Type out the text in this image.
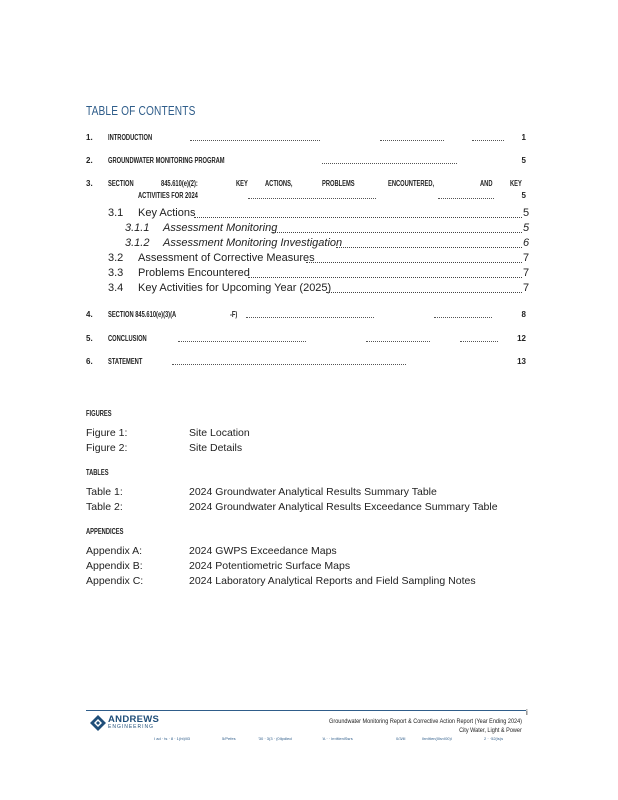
TABLE OF CONTENTS
1. INTRODUCTION	1
2. GROUNDWATER MONITORING PROGRAM	5
3. SECTION	845.610(e)(2):	KEY ACTIONS,	PROBLEMS	ENCOUNTERED,	AND KEY
ACTIVITIES FOR 2024	5
3.1 Key Actions	5
3.1.1 Assessment Monitoring	5
3.1.2 Assessment Monitoring Investigation	6
3.2 Assessment of Corrective Measures	7
3.3 Problems Encountered	7
3.4 Key Activities for Upcoming Year (2025)	7
4. SECTION 845.610(e)(3)(A	-F)	8
5. CONCLUSION	12
6. STATEMENT	13
FIGURES
Figure 1:	Site Location
Figure 2:	Site Details
TABLES
Table 1:	2024 Groundwater Analytical Results Summary Table
Table 2:	2024 Groundwater Analytical Results Exceedance Summary Table
APPENDICES
Appendix A:	2024 GWPS Exceedance Maps
Appendix B:	2024 Potentiometric Surface Maps
Appendix C:	2024 Laboratory Analytical Reports and Field Sampling Notes
ANDREWS
ENGINEERING
i
Groundwater Monitoring Report & Corrective Action Report (Year Ending 2024)
City Water, Light & Power
I ad · ts · 8 · 1(ht)/ll3	5/Pefes	'30 · 3(3 · (0Ilpdlecl	'A · · ln≈ltlenlSsrs	0/3/lll	lln≈ltlen(0ls≈l00)l	2 · ·52(ls)s
